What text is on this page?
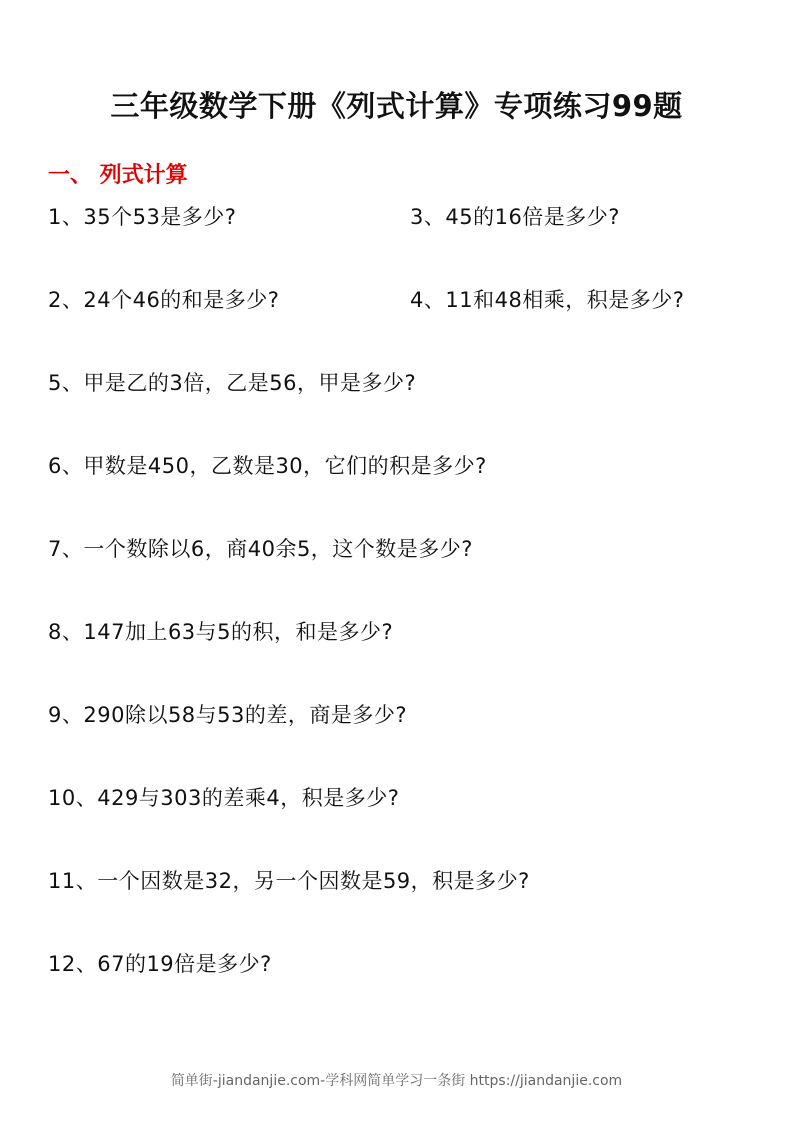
三年级数学下册《列式计算》专项练习99题
一、 列式计算
1、35个53是多少?	3、45的16倍是多少?
2、24个46的和是多少?	4、11和48相乘，积是多少?
5、甲是乙的3倍，乙是56，甲是多少?
6、甲数是450，乙数是30，它们的积是多少?
7、一个数除以6，商40余5，这个数是多少?
8、147加上63与5的积，和是多少?
9、290除以58与53的差，商是多少?
10、429与303的差乘4，积是多少?
11、一个因数是32，另一个因数是59，积是多少?
12、67的19倍是多少?
简单街-jiandanjie.com-学科网简单学习一条街 https://jiandanjie.com
